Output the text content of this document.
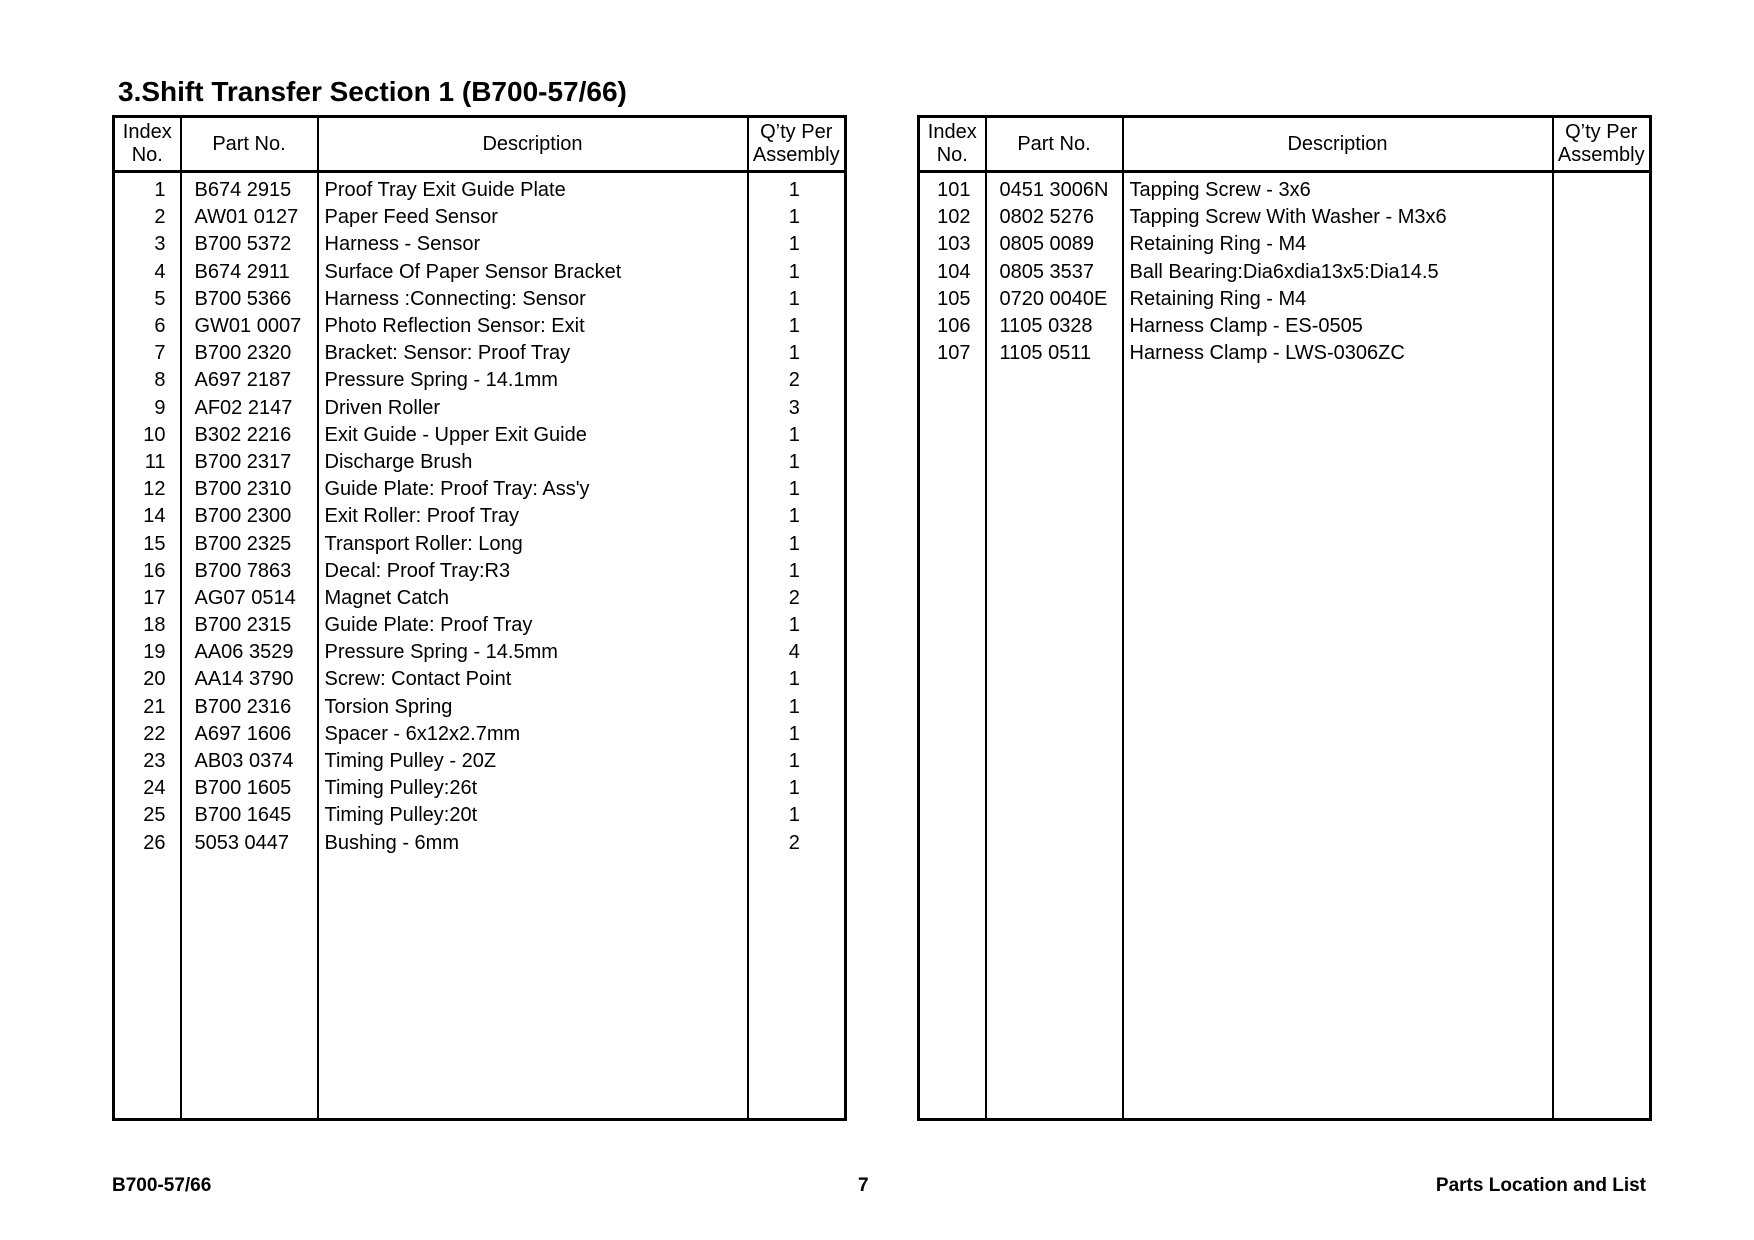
3.Shift Transfer Section 1 (B700-57/66)
Index
No.	Part No.	Description	Q’ty Per
Assembly
1	B674 2915	Proof Tray Exit Guide Plate	1
2	AW01 0127	Paper Feed Sensor	1
3	B700 5372	Harness - Sensor	1
4	B674 2911	Surface Of Paper Sensor Bracket	1
5	B700 5366	Harness :Connecting: Sensor	1
6	GW01 0007	Photo Reflection Sensor: Exit	1
7	B700 2320	Bracket: Sensor: Proof Tray	1
8	A697 2187	Pressure Spring - 14.1mm	2
9	AF02 2147	Driven Roller	3
10	B302 2216	Exit Guide - Upper Exit Guide	1
11	B700 2317	Discharge Brush	1
12	B700 2310	Guide Plate: Proof Tray: Ass'y	1
14	B700 2300	Exit Roller: Proof Tray	1
15	B700 2325	Transport Roller: Long	1
16	B700 7863	Decal: Proof Tray:R3	1
17	AG07 0514	Magnet Catch	2
18	B700 2315	Guide Plate: Proof Tray	1
19	AA06 3529	Pressure Spring - 14.5mm	4
20	AA14 3790	Screw: Contact Point	1
21	B700 2316	Torsion Spring	1
22	A697 1606	Spacer - 6x12x2.7mm	1
23	AB03 0374	Timing Pulley - 20Z	1
24	B700 1605	Timing Pulley:26t	1
25	B700 1645	Timing Pulley:20t	1
26	5053 0447	Bushing - 6mm	2

Index
No.	Part No.	Description	Q’ty Per
Assembly
101	0451 3006N	Tapping Screw - 3x6	
102	0802 5276	Tapping Screw With Washer - M3x6	
103	0805 0089	Retaining Ring - M4	
104	0805 3537	Ball Bearing:Dia6xdia13x5:Dia14.5	
105	0720 0040E	Retaining Ring - M4	
106	1105 0328	Harness Clamp - ES-0505	
107	1105 0511	Harness Clamp - LWS-0306ZC	

B700-57/66	7	Parts Location and List
